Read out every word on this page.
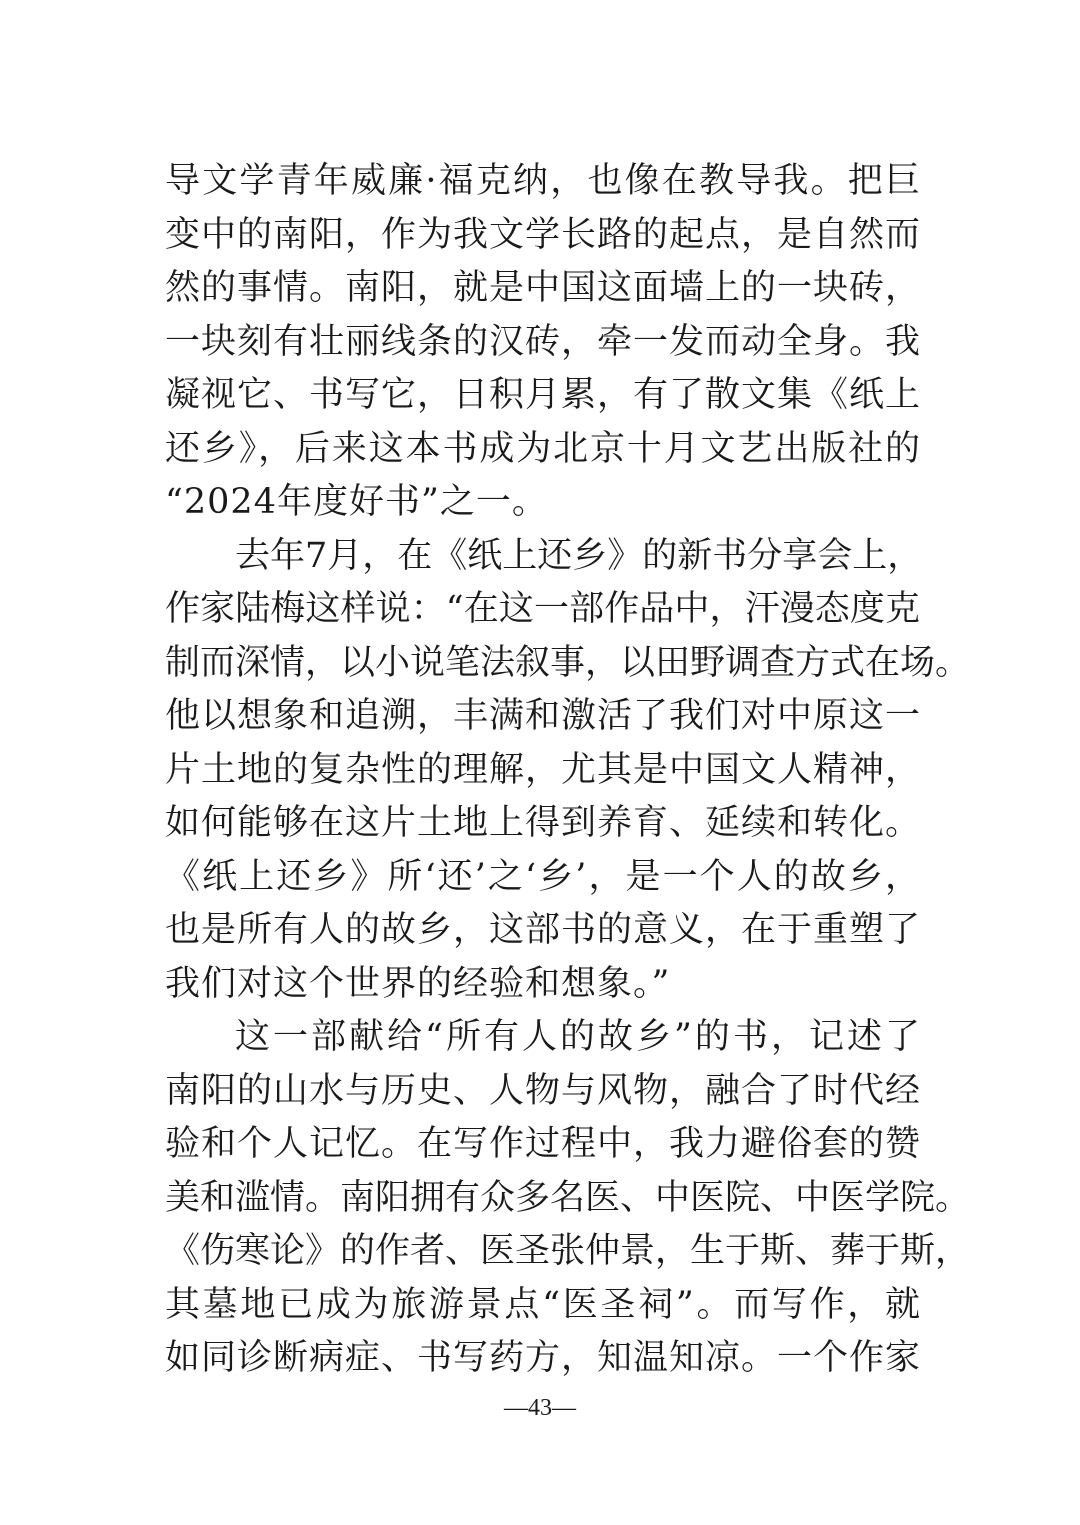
导文学青年威廉·福克纳，也像在教导我。把巨
变中的南阳，作为我文学长路的起点，是自然而
然的事情。南阳，就是中国这面墙上的一块砖，
一块刻有壮丽线条的汉砖，牵一发而动全身。我
凝视它、书写它，日积月累，有了散文集《纸上
还乡》，后来这本书成为北京十月文艺出版社的
“2024年度好书”之一。
去年7月，在《纸上还乡》的新书分享会上，
作家陆梅这样说：“在这一部作品中，汗漫态度克
制而深情，以小说笔法叙事，以田野调查方式在场。
他以想象和追溯，丰满和激活了我们对中原这一
片土地的复杂性的理解，尤其是中国文人精神，
如何能够在这片土地上得到养育、延续和转化。
《纸上还乡》所‘还’之‘乡’，是一个人的故乡，
也是所有人的故乡，这部书的意义，在于重塑了
我们对这个世界的经验和想象。”
这一部献给“所有人的故乡”的书，记述了
南阳的山水与历史、人物与风物，融合了时代经
验和个人记忆。在写作过程中，我力避俗套的赞
美和滥情。南阳拥有众多名医、中医院、中医学院。
《伤寒论》的作者、医圣张仲景，生于斯、葬于斯，
其墓地已成为旅游景点“医圣祠”。而写作，就
如同诊断病症、书写药方，知温知凉。一个作家
—43—
